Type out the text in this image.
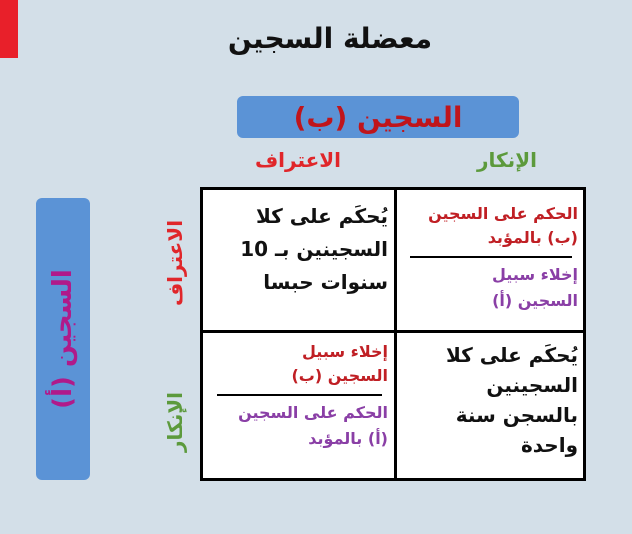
معضلة السجين
السجين (ب)
الاعتراف	الإنكار
السجين (أ)
الاعتراف
الإنكار
يُحكَم على كلا
السجينين بـ 10
سنوات حبسا
الحكم على السجين
(ب) بالمؤبد
إخلاء سبيل
السجين (أ)
إخلاء سبيل
السجين (ب)
الحكم على السجين
(أ) بالمؤبد
يُحكَم على كلا
السجينين
بالسجن سنة
واحدة
